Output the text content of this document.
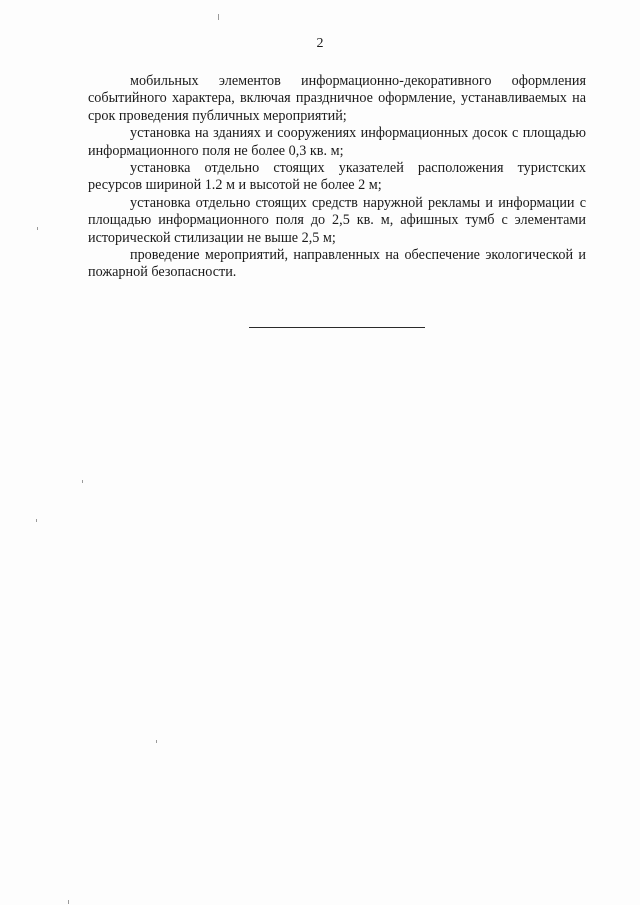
2

мобильных элементов информационно-декоративного оформления событийного характера, включая праздничное оформление, устанавливаемых на срок проведения публичных мероприятий;

установка на зданиях и сооружениях информационных досок с площадью информационного поля не более 0,3 кв. м;

установка отдельно стоящих указателей расположения туристских ресурсов шириной 1.2 м и высотой не более 2 м;

установка отдельно стоящих средств наружной рекламы и информации с площадью информационного поля до 2,5 кв. м, афишных тумб с элементами исторической стилизации не выше 2,5 м;

проведение мероприятий, направленных на обеспечение экологической и пожарной безопасности.
